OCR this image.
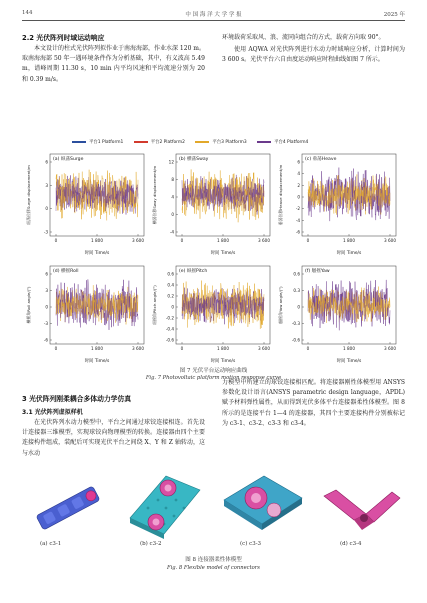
144	中 国 海 洋 大 学 学 报	2025 年
2.2 光伏阵列时域运动响应

本文设计的柱式光伏阵列拟作业于南海海部，作业水深 120 m。取南海海部 50 年一遇环境条件作为分析基础，其中，有义波高 5.49 m，谱峰周期 11.30 s，10 min 内平均风速和平均流速分别为 20 和 0.39 m/s。

环境载荷采取风、浪、流同向组合的方式，载荷方向取 90°。

使用 AQWA 对光伏阵列进行水动力时域响应分析，计算时间为 3 600 s。光伏平台六自由度运动响应时程曲线如图 7 所示。

平台1 Platform1
	平台2 Platform2
	平台3 Platform3
	平台4 Platform4
(a) 纵荡Surge
6
3
0
-3
0	1 800	3 600
时间 Time/s
纵荡位移Surge displacement/m
(b) 横荡Sway
12
8
4
0
-4
0	1 800	3 600
时间 Time/s
横荡位移Sway displacement/m
(c) 垂荡Heave
6
4
2
0
-2
-4
-6
0	1 800	3 600
时间 Time/s
垂荡位移Heave displacement/m
(d) 横摇Roll
6
3
0
-3
-6
0	1 800	3 600
时间 Time/s
横摇角Roll angle/(°)
(e) 纵摇Pitch
0.6
0.4
0.2
0
-0.2
-0.4
-0.6
0	1 800	3 600
时间 Time/s
纵摇角Pitch angle/(°)
(f) 艏摇Yaw
0.6
0.3
0
-0.3
-0.6
0	1 800	3 600
时间 Time/s
艏摇角Yaw angle/(°)
图 7 光伏平台运动响应曲线
Fig. 7 Photovoltaic platform motion response curve
3 光伏阵列刚柔耦合多体动力学仿真
3.1 光伏阵列虚拟样机

在光伏阵列水动力模型中，平台之间通过球铰连接相连。首先设计连接器三维模型，实现球铰向物理模型的转换。连接器由四个主要连接构件组成，装配后可实现光伏平台之间绕 X、Y 和 Z 轴转动，这与水动

力模型中所建立的球铰连接相匹配。将连接器刚性体模型用 ANSYS 参数化设计语言(ANSYS parametric design language，APDL)赋予材料弹性属性，从而得到光伏多体平台连接器柔性体模型。图 8 所示的是连接平台 1—4 的连接器，其四个主要连接构件分别被标记为 c3-1、c3-2、c3-3 和 c3-4。

(a) c3-1	(b) c3-2	(c) c3-3	(d) c3-4
图 8 连接器柔性体模型
Fig. 8 Flexible model of connectors
